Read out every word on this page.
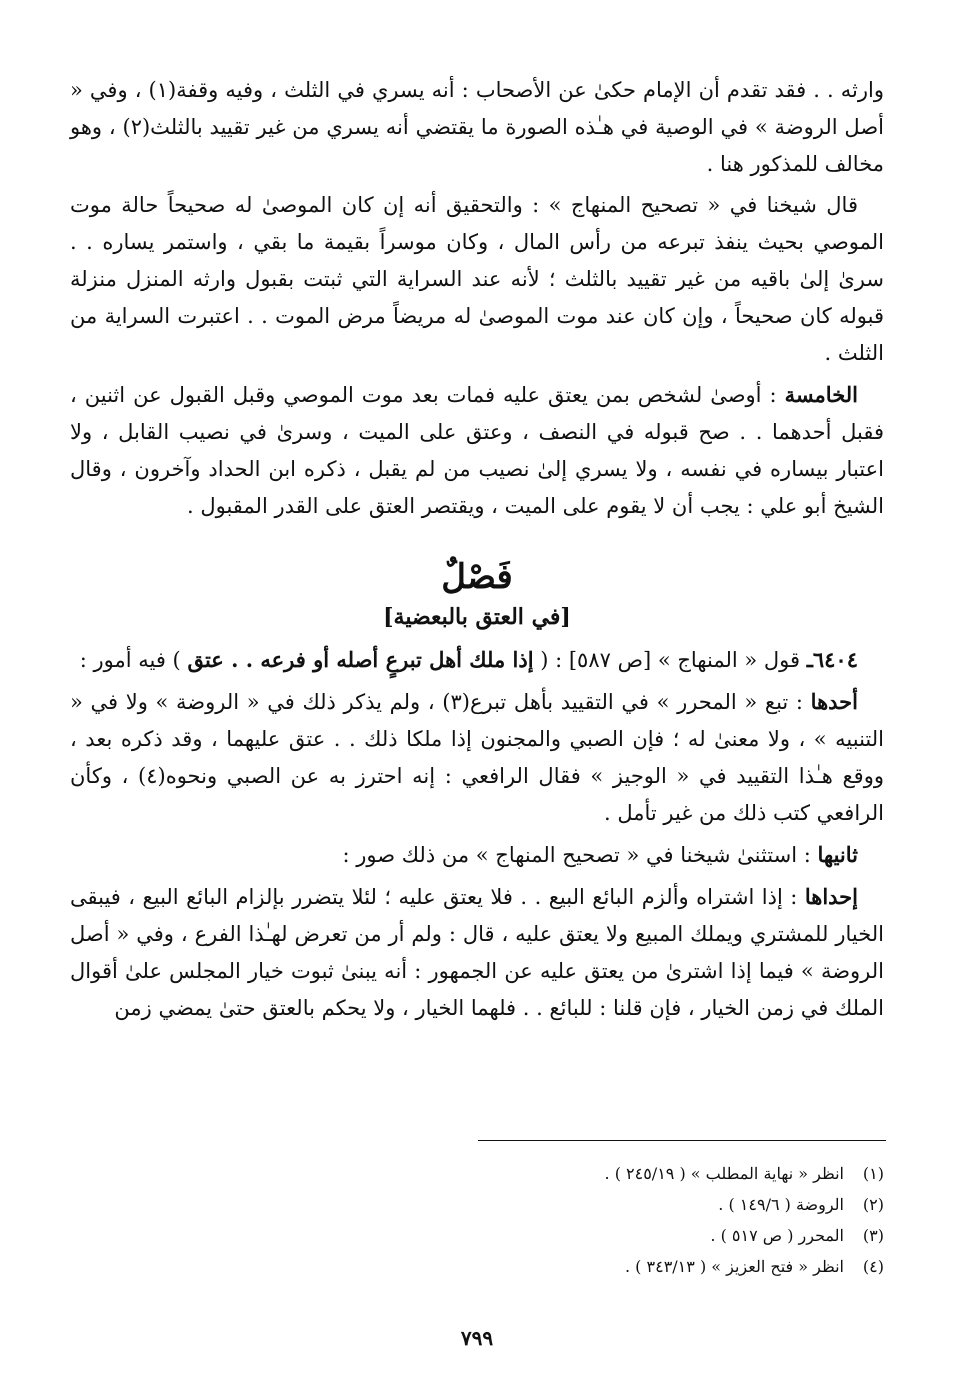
وارثه . . فقد تقدم أن الإمام حكىٰ عن الأصحاب : أنه يسري في الثلث ، وفيه وقفة(١) ، وفي « أصل الروضة » في الوصية في هـٰذه الصورة ما يقتضي أنه يسري من غير تقييد بالثلث(٢) ، وهو مخالف للمذكور هنا .

قال شيخنا في « تصحيح المنهاج » : والتحقيق أنه إن كان الموصىٰ له صحيحاً حالة موت الموصي بحيث ينفذ تبرعه من رأس المال ، وكان موسراً بقيمة ما بقي ، واستمر يساره . . سرىٰ إلىٰ باقيه من غير تقييد بالثلث ؛ لأنه عند السراية التي ثبتت بقبول وارثه المنزل منزلة قبوله كان صحيحاً ، وإن كان عند موت الموصىٰ له مريضاً مرض الموت . . اعتبرت السراية من الثلث .

الخامسة : أوصىٰ لشخص بمن يعتق عليه فمات بعد موت الموصي وقبل القبول عن اثنين ، فقبل أحدهما . . صح قبوله في النصف ، وعتق على الميت ، وسرىٰ في نصيب القابل ، ولا اعتبار بيساره في نفسه ، ولا يسري إلىٰ نصيب من لم يقبل ، ذكره ابن الحداد وآخرون ، وقال الشيخ أبو علي : يجب أن لا يقوم على الميت ، ويقتصر العتق على القدر المقبول .

فَصْلٌ
[في العتق بالبعضية]

٦٤٠٤ـ قول « المنهاج » [ص ٥٨٧] : ( إذا ملك أهل تبرعٍ أصله أو فرعه . . عتق ) فيه أمور :

أحدها : تبع « المحرر » في التقييد بأهل تبرع(٣) ، ولم يذكر ذلك في « الروضة » ولا في « التنبيه » ، ولا معنىٰ له ؛ فإن الصبي والمجنون إذا ملكا ذلك . . عتق عليهما ، وقد ذكره بعد ، ووقع هـٰذا التقييد في « الوجيز » فقال الرافعي : إنه احترز به عن الصبي ونحوه(٤) ، وكأن الرافعي كتب ذلك من غير تأمل .

ثانيها : استثنىٰ شيخنا في « تصحيح المنهاج » من ذلك صور :

إحداها : إذا اشتراه وألزم البائع البيع . . فلا يعتق عليه ؛ لئلا يتضرر بإلزام البائع البيع ، فيبقى الخيار للمشتري ويملك المبيع ولا يعتق عليه ، قال : ولم أر من تعرض لهـٰذا الفرع ، وفي « أصل الروضة » فيما إذا اشترىٰ من يعتق عليه عن الجمهور : أنه يبنىٰ ثبوت خيار المجلس علىٰ أقوال الملك في زمن الخيار ، فإن قلنا : للبائع . . فلهما الخيار ، ولا يحكم بالعتق حتىٰ يمضي زمن

(١)
انظر « نهاية المطلب » ( ٢٤٥/١٩ ) .
(٢)
الروضة ( ١٤٩/٦ ) .
(٣)
المحرر ( ص ٥١٧ ) .
(٤)
انظر « فتح العزيز » ( ٣٤٣/١٣ ) .
٧٩٩
